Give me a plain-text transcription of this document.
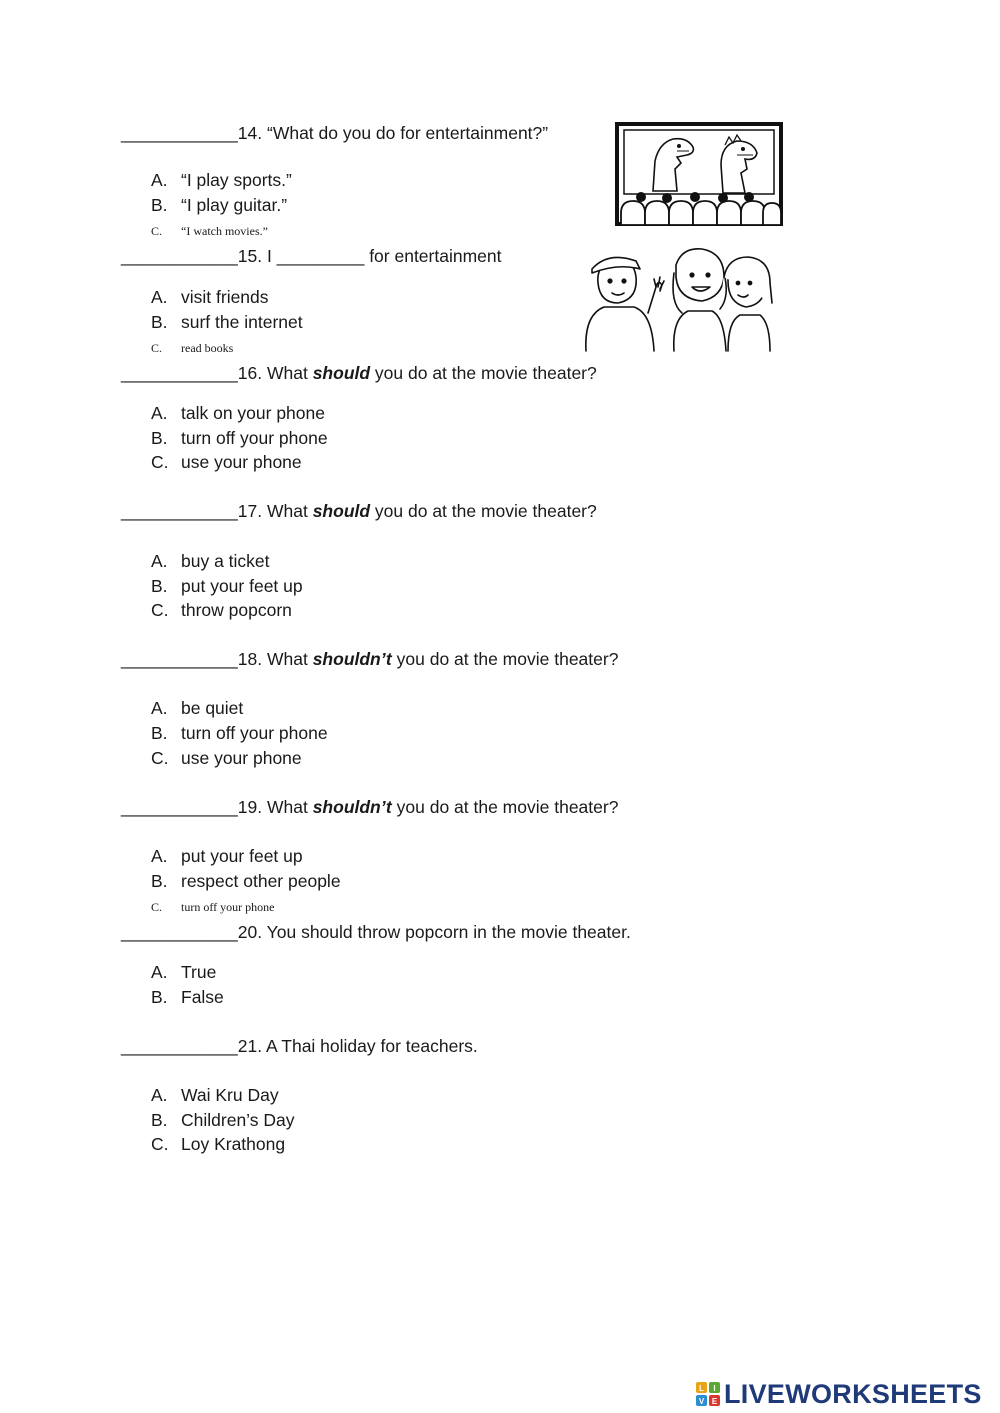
____________14. “What do you do for entertainment?”
A. “I play sports.”
B. “I play guitar.”
C. “I watch movies.”
____________15. I _________ for entertainment
A. visit friends
B. surf the internet
C. read books
____________16. What should you do at the movie theater?
A. talk on your phone
B. turn off your phone
C. use your phone
____________17. What should you do at the movie theater?
A. buy a ticket
B. put your feet up
C. throw popcorn
____________18. What shouldn’t you do at the movie theater?
A. be quiet
B. turn off your phone
C. use your phone
____________19. What shouldn’t you do at the movie theater?
A. put your feet up
B. respect other people
C. turn off your phone
____________20. You should throw popcorn in the movie theater.
A. True
B. False
____________21. A Thai holiday for teachers.
A. Wai Kru Day
B. Children’s Day
C. Loy Krathong
L I
V E LIVEWORKSHEETS
